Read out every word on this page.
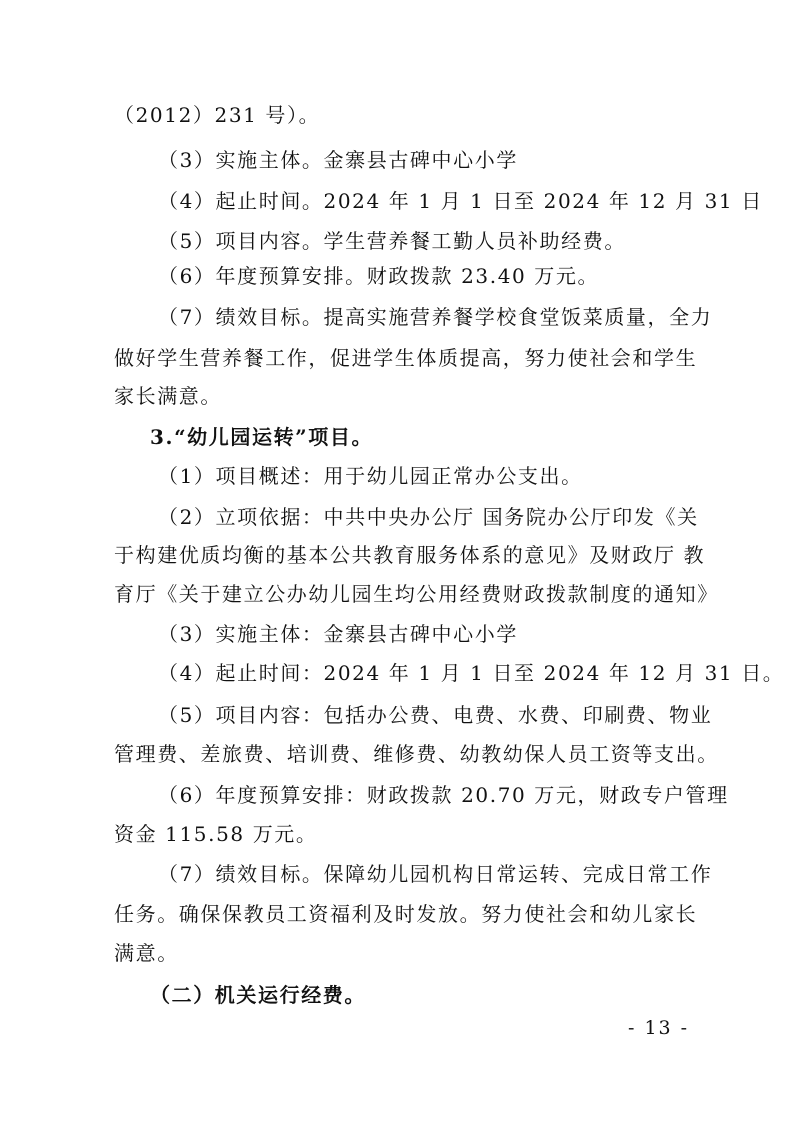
（2012）231 号）。
（3）实施主体。金寨县古碑中心小学
（4）起止时间。2024 年 1 月 1 日至 2024 年 12 月 31 日
（5）项目内容。学生营养餐工勤人员补助经费。
（6）年度预算安排。财政拨款 23.40 万元。
（7）绩效目标。提高实施营养餐学校食堂饭菜质量，全力
做好学生营养餐工作，促进学生体质提高，努力使社会和学生
家长满意。
3.“幼儿园运转”项目。
（1）项目概述：用于幼儿园正常办公支出。
（2）立项依据：中共中央办公厅 国务院办公厅印发《关
于构建优质均衡的基本公共教育服务体系的意见》及财政厅 教
育厅《关于建立公办幼儿园生均公用经费财政拨款制度的通知》
（3）实施主体：金寨县古碑中心小学
（4）起止时间：2024 年 1 月 1 日至 2024 年 12 月 31 日。
（5）项目内容：包括办公费、电费、水费、印刷费、物业
管理费、差旅费、培训费、维修费、幼教幼保人员工资等支出。
（6）年度预算安排：财政拨款 20.70 万元，财政专户管理
资金 115.58 万元。
（7）绩效目标。保障幼儿园机构日常运转、完成日常工作
任务。确保保教员工资福利及时发放。努力使社会和幼儿家长
满意。
（二）机关运行经费。
- 13 -
